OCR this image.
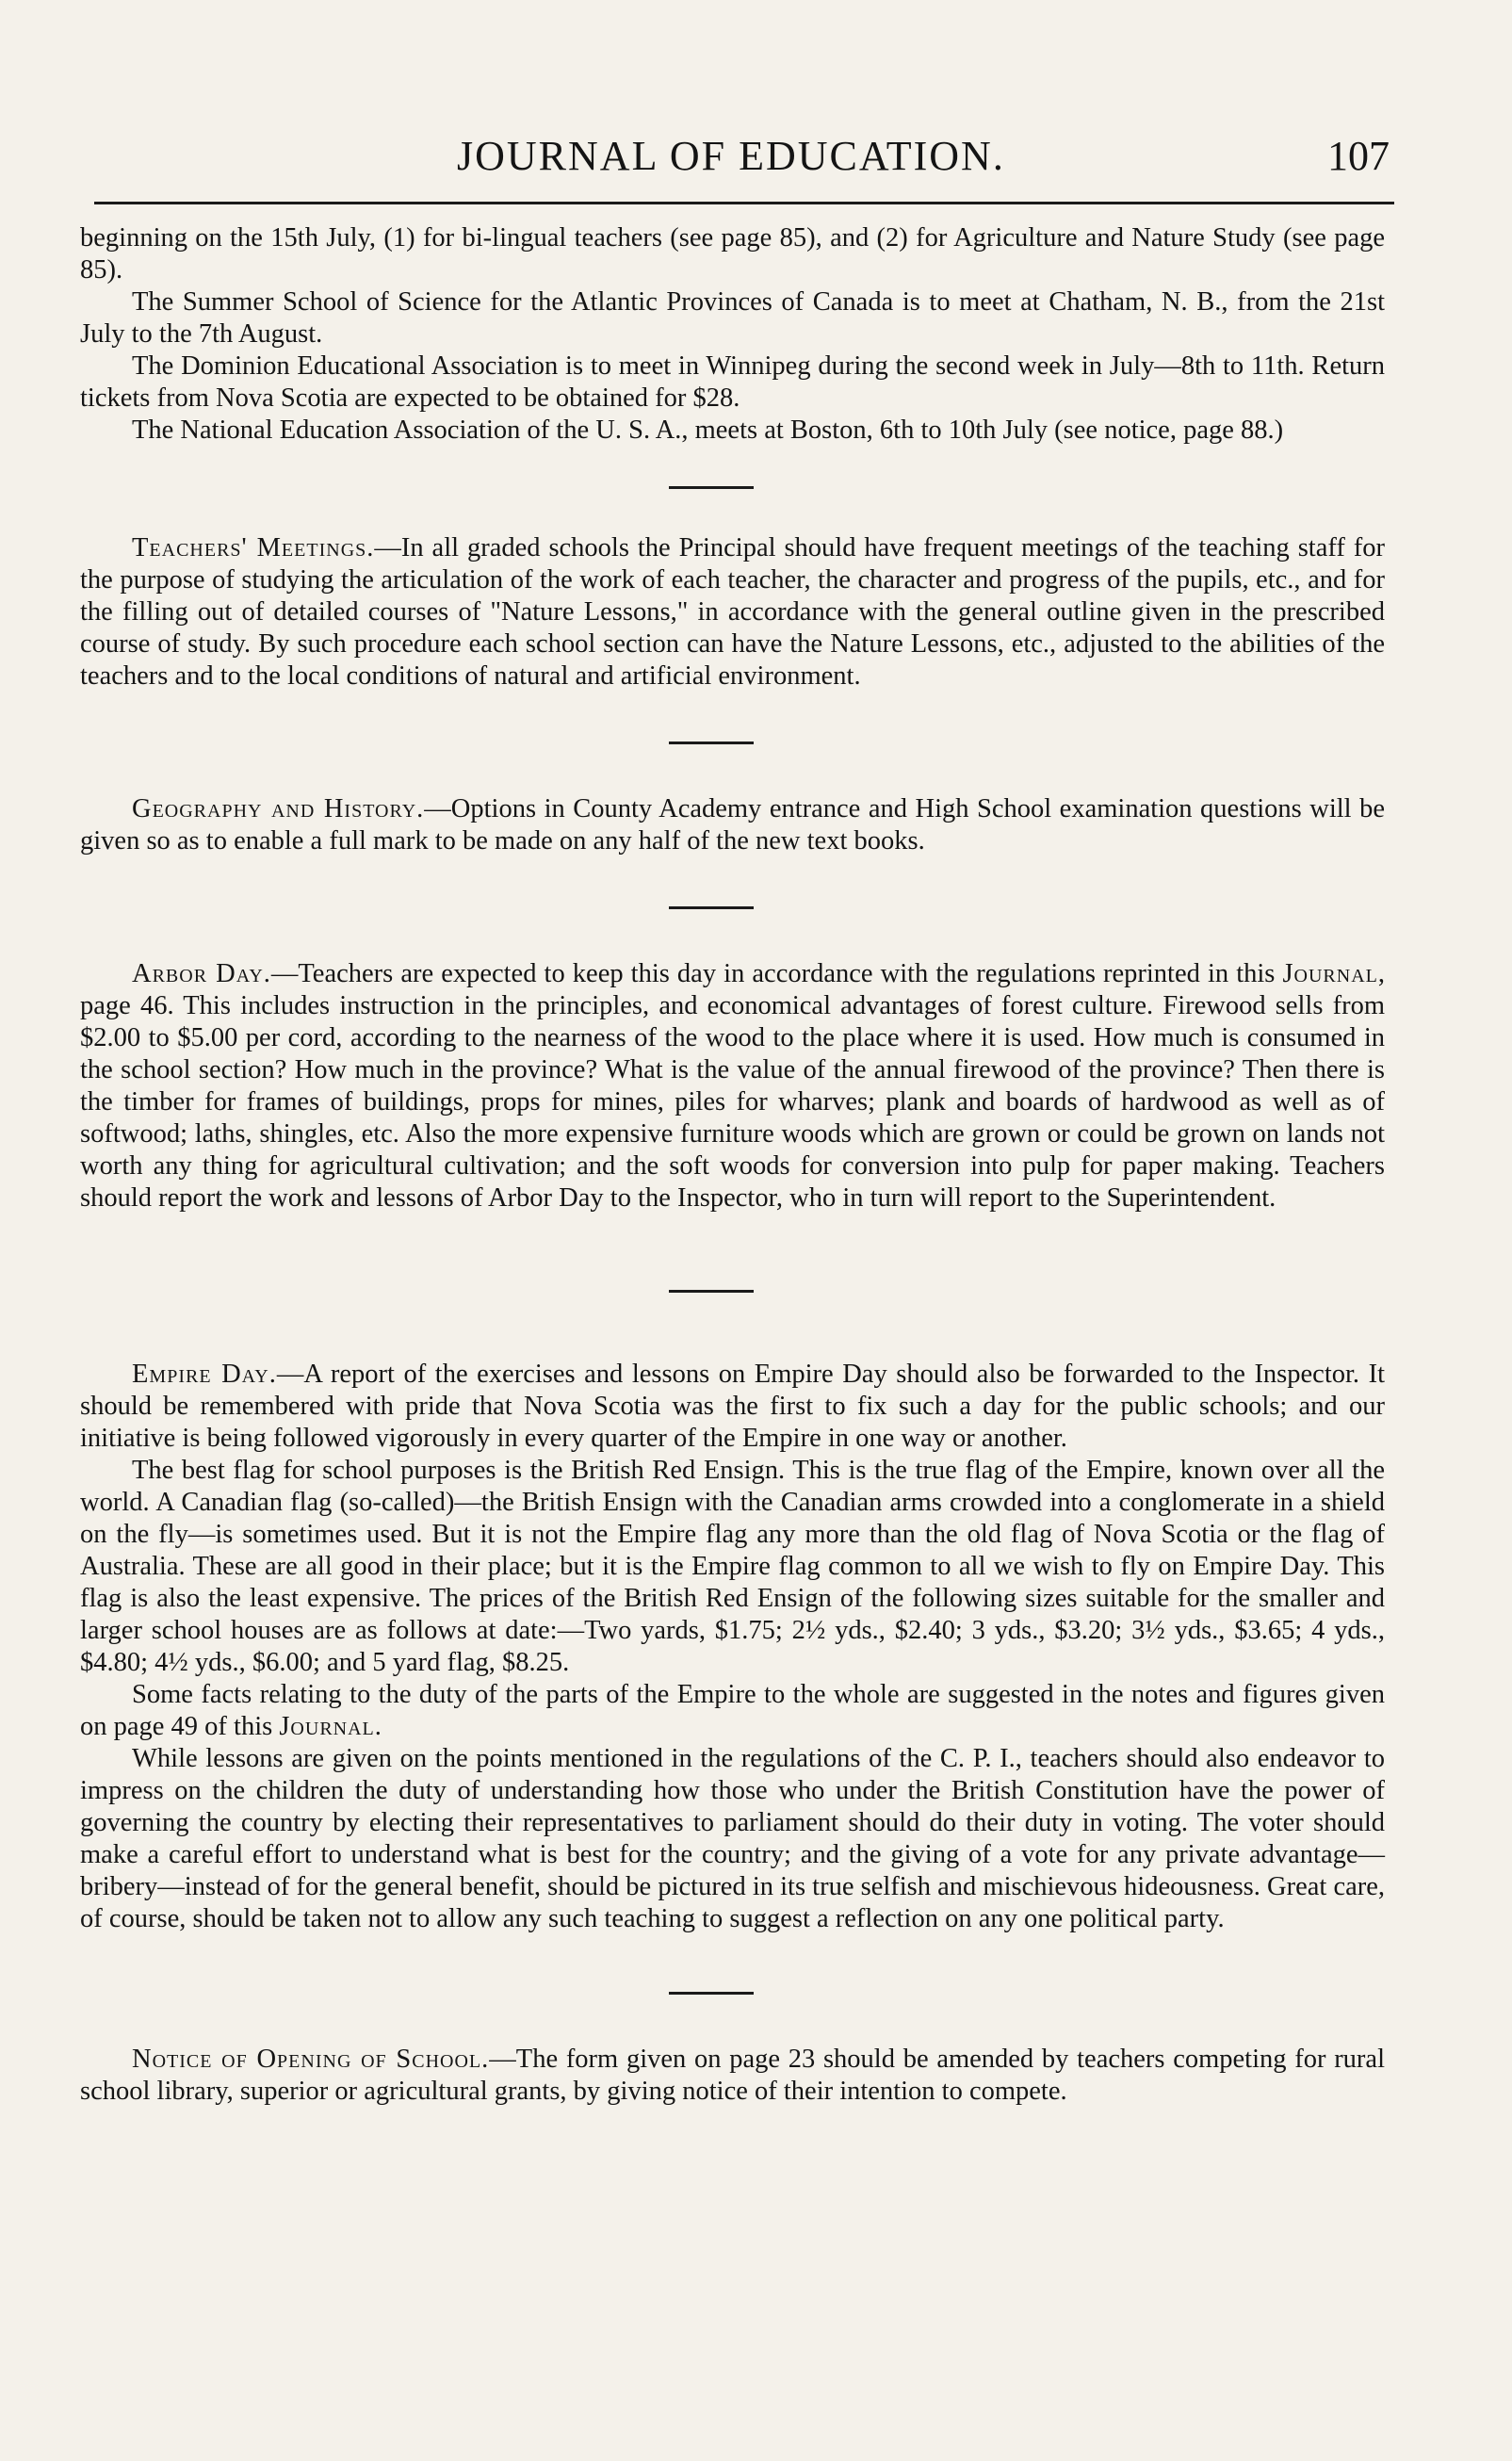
JOURNAL OF EDUCATION.	107

beginning on the 15th July, (1) for bi-lingual teachers (see page 85), and (2) for Agriculture and Nature Study (see page 85).

The Summer School of Science for the Atlantic Provinces of Canada is to meet at Chatham, N. B., from the 21st July to the 7th August.

The Dominion Educational Association is to meet in Winnipeg during the second week in July—8th to 11th. Return tickets from Nova Scotia are expected to be obtained for $28.

The National Education Association of the U. S. A., meets at Boston, 6th to 10th July (see notice, page 88.)

Teachers' Meetings.—In all graded schools the Principal should have frequent meetings of the teaching staff for the purpose of studying the articulation of the work of each teacher, the character and progress of the pupils, etc., and for the filling out of detailed courses of "Nature Lessons," in accordance with the general outline given in the prescribed course of study. By such procedure each school section can have the Nature Lessons, etc., adjusted to the abilities of the teachers and to the local conditions of natural and artificial environment.

Geography and History.—Options in County Academy entrance and High School examination questions will be given so as to enable a full mark to be made on any half of the new text books.

Arbor Day.—Teachers are expected to keep this day in accordance with the regulations reprinted in this Journal, page 46. This includes instruction in the principles, and economical advantages of forest culture. Firewood sells from $2.00 to $5.00 per cord, according to the nearness of the wood to the place where it is used. How much is consumed in the school section? How much in the province? What is the value of the annual firewood of the province? Then there is the timber for frames of buildings, props for mines, piles for wharves; plank and boards of hardwood as well as of softwood; laths, shingles, etc. Also the more expensive furniture woods which are grown or could be grown on lands not worth any thing for agricultural cultivation; and the soft woods for conversion into pulp for paper making. Teachers should report the work and lessons of Arbor Day to the Inspector, who in turn will report to the Superintendent.

Empire Day.—A report of the exercises and lessons on Empire Day should also be forwarded to the Inspector. It should be remembered with pride that Nova Scotia was the first to fix such a day for the public schools; and our initiative is being followed vigorously in every quarter of the Empire in one way or another.

The best flag for school purposes is the British Red Ensign. This is the true flag of the Empire, known over all the world. A Canadian flag (so-called)—the British Ensign with the Canadian arms crowded into a conglomerate in a shield on the fly—is sometimes used. But it is not the Empire flag any more than the old flag of Nova Scotia or the flag of Australia. These are all good in their place; but it is the Empire flag common to all we wish to fly on Empire Day. This flag is also the least expensive. The prices of the British Red Ensign of the following sizes suitable for the smaller and larger school houses are as follows at date:—Two yards, $1.75; 2½ yds., $2.40; 3 yds., $3.20; 3½ yds., $3.65; 4 yds., $4.80; 4½ yds., $6.00; and 5 yard flag, $8.25.

Some facts relating to the duty of the parts of the Empire to the whole are suggested in the notes and figures given on page 49 of this Journal.

While lessons are given on the points mentioned in the regulations of the C. P. I., teachers should also endeavor to impress on the children the duty of understanding how those who under the British Constitution have the power of governing the country by electing their representatives to parliament should do their duty in voting. The voter should make a careful effort to understand what is best for the country; and the giving of a vote for any private advantage—bribery—instead of for the general benefit, should be pictured in its true selfish and mischievous hideousness. Great care, of course, should be taken not to allow any such teaching to suggest a reflection on any one political party.

Notice of Opening of School.—The form given on page 23 should be amended by teachers competing for rural school library, superior or agricultural grants, by giving notice of their intention to compete.
